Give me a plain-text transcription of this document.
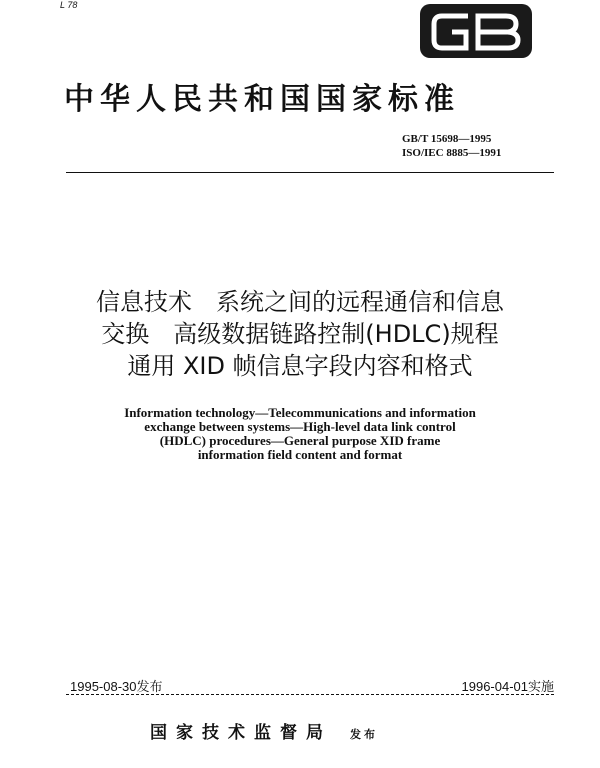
L 78
中华人民共和国国家标准
GB/T 15698—1995
ISO/IEC 8885—1991
信息技术　系统之间的远程通信和信息
交换　高级数据链路控制(HDLC)规程
通用 XID 帧信息字段内容和格式
Information technology—Telecommunications and information
exchange between systems—High-level data link control
(HDLC) procedures—General purpose XID frame
information field content and format
1995-08-30发布	1996-04-01实施
国家技术监督局 发布
